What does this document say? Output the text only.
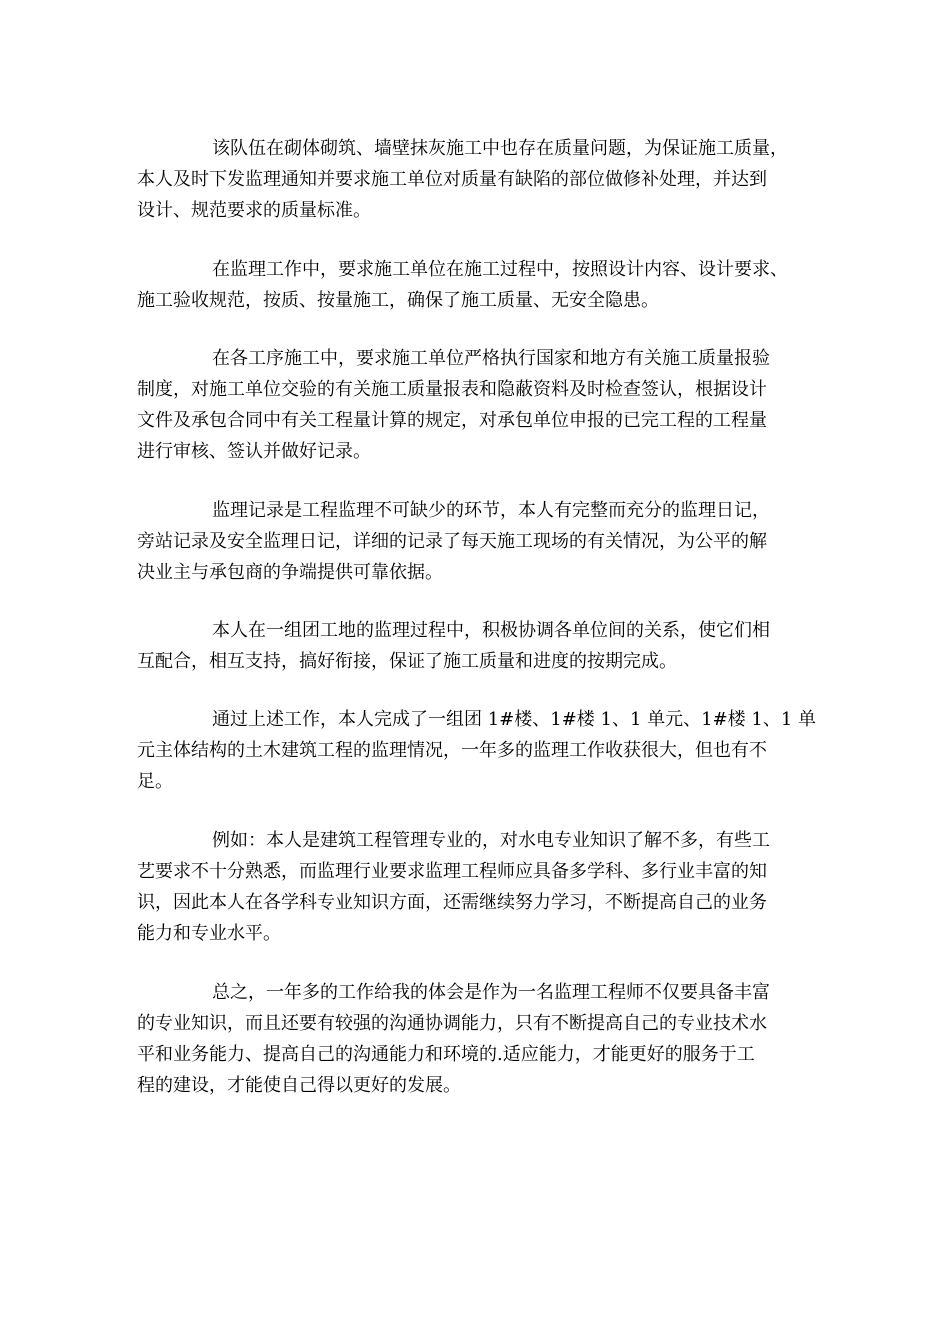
该队伍在砌体砌筑、墙壁抹灰施工中也存在质量问题，为保证施工质量，
本人及时下发监理通知并要求施工单位对质量有缺陷的部位做修补处理，并达到
设计、规范要求的质量标准。

在监理工作中，要求施工单位在施工过程中，按照设计内容、设计要求、
施工验收规范，按质、按量施工，确保了施工质量、无安全隐患。

在各工序施工中，要求施工单位严格执行国家和地方有关施工质量报验
制度，对施工单位交验的有关施工质量报表和隐蔽资料及时检查签认，根据设计
文件及承包合同中有关工程量计算的规定，对承包单位申报的已完工程的工程量
进行审核、签认并做好记录。

监理记录是工程监理不可缺少的环节，本人有完整而充分的监理日记，
旁站记录及安全监理日记，详细的记录了每天施工现场的有关情况，为公平的解
决业主与承包商的争端提供可靠依据。

本人在一组团工地的监理过程中，积极协调各单位间的关系，使它们相
互配合，相互支持，搞好衔接，保证了施工质量和进度的按期完成。

通过上述工作，本人完成了一组团 1#楼、1#楼 1、1 单元、1#楼 1、1 单
元主体结构的土木建筑工程的监理情况，一年多的监理工作收获很大，但也有不
足。

例如：本人是建筑工程管理专业的，对水电专业知识了解不多，有些工
艺要求不十分熟悉，而监理行业要求监理工程师应具备多学科、多行业丰富的知
识，因此本人在各学科专业知识方面，还需继续努力学习，不断提高自己的业务
能力和专业水平。

总之，一年多的工作给我的体会是作为一名监理工程师不仅要具备丰富
的专业知识，而且还要有较强的沟通协调能力，只有不断提高自己的专业技术水
平和业务能力、提高自己的沟通能力和环境的.适应能力，才能更好的服务于工
程的建设，才能使自己得以更好的发展。
